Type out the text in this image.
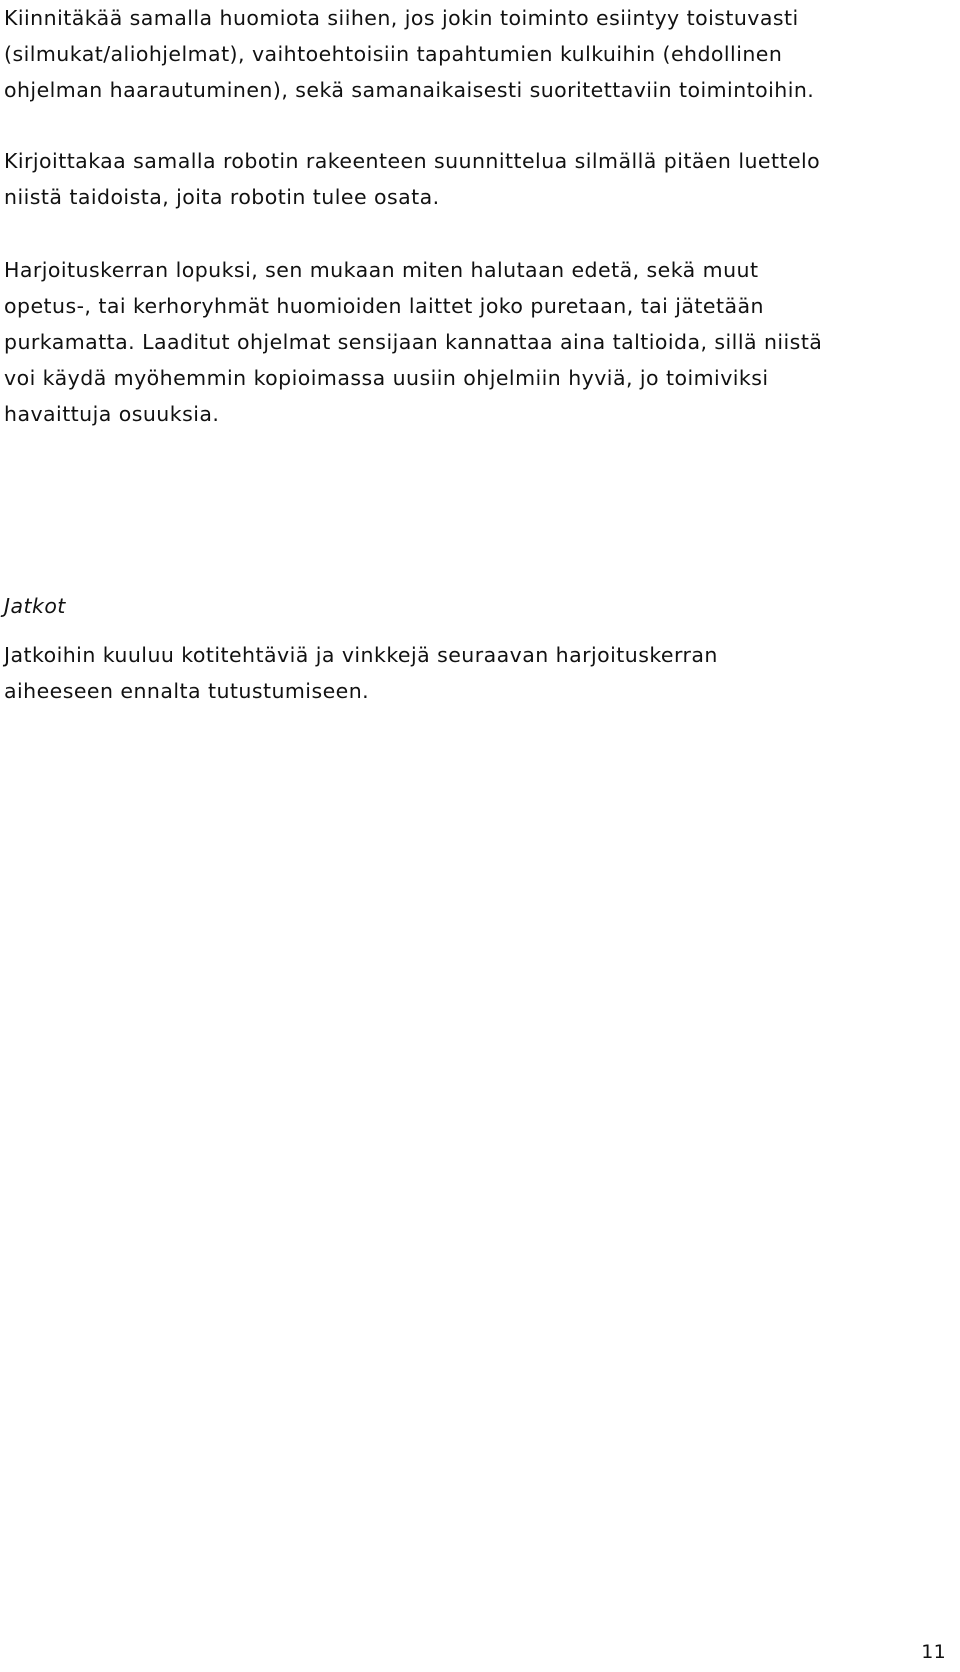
Kiinnitäkää samalla huomiota siihen, jos jokin toiminto esiintyy toistuvasti
(silmukat/aliohjelmat), vaihtoehtoisiin tapahtumien kulkuihin (ehdollinen
ohjelman haarautuminen), sekä samanaikaisesti suoritettaviin toimintoihin.

Kirjoittakaa samalla robotin rakeenteen suunnittelua silmällä pitäen luettelo
niistä taidoista, joita robotin tulee osata.

Harjoituskerran lopuksi, sen mukaan miten halutaan edetä, sekä muut
opetus-, tai kerhoryhmät huomioiden laittet joko puretaan, tai jätetään
purkamatta. Laaditut ohjelmat sensijaan kannattaa aina taltioida, sillä niistä
voi käydä myöhemmin kopioimassa uusiin ohjelmiin hyviä, jo toimiviksi
havaittuja osuuksia.

Jatkot

Jatkoihin kuuluu kotitehtäviä ja vinkkejä seuraavan harjoituskerran
aiheeseen ennalta tutustumiseen.

11
